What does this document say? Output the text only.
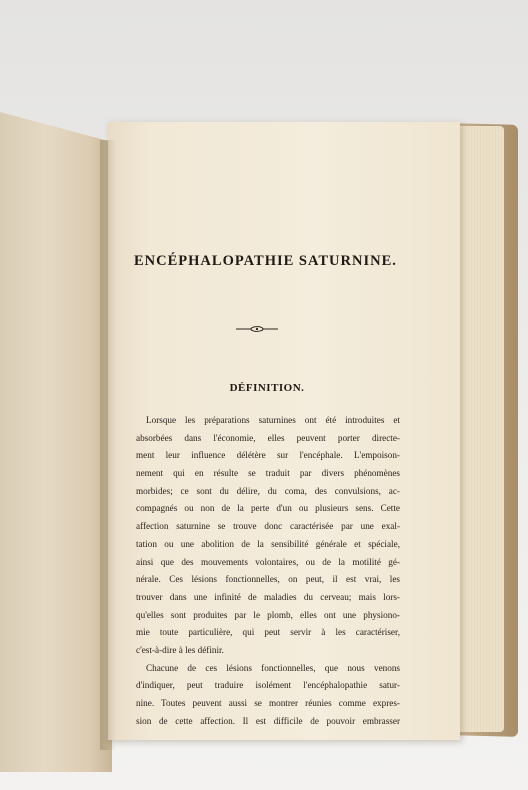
ENCÉPHALOPATHIE SATURNINE.
DÉFINITION.
Lorsque les préparations saturnines ont été introduites et
absorbées dans l'économie, elles peuvent porter directe-
ment leur influence délétère sur l'encéphale. L'empoison-
nement qui en résulte se traduit par divers phénomènes
morbides; ce sont du délire, du coma, des convulsions, ac-
compagnés ou non de la perte d'un ou plusieurs sens. Cette
affection saturnine se trouve donc caractérisée par une exal-
tation ou une abolition de la sensibilité générale et spéciale,
ainsi que des mouvements volontaires, ou de la motilité gé-
nérale. Ces lésions fonctionnelles, on peut, il est vrai, les
trouver dans une infinité de maladies du cerveau; mais lors-
qu'elles sont produites par le plomb, elles ont une physiono-
mie toute particulière, qui peut servir à les caractériser,
c'est-à-dire à les définir.
Chacune de ces lésions fonctionnelles, que nous venons
d'indiquer, peut traduire isolément l'encéphalopathie satur-
nine. Toutes peuvent aussi se montrer réunies comme expres-
sion de cette affection. Il est difficile de pouvoir embrasser
